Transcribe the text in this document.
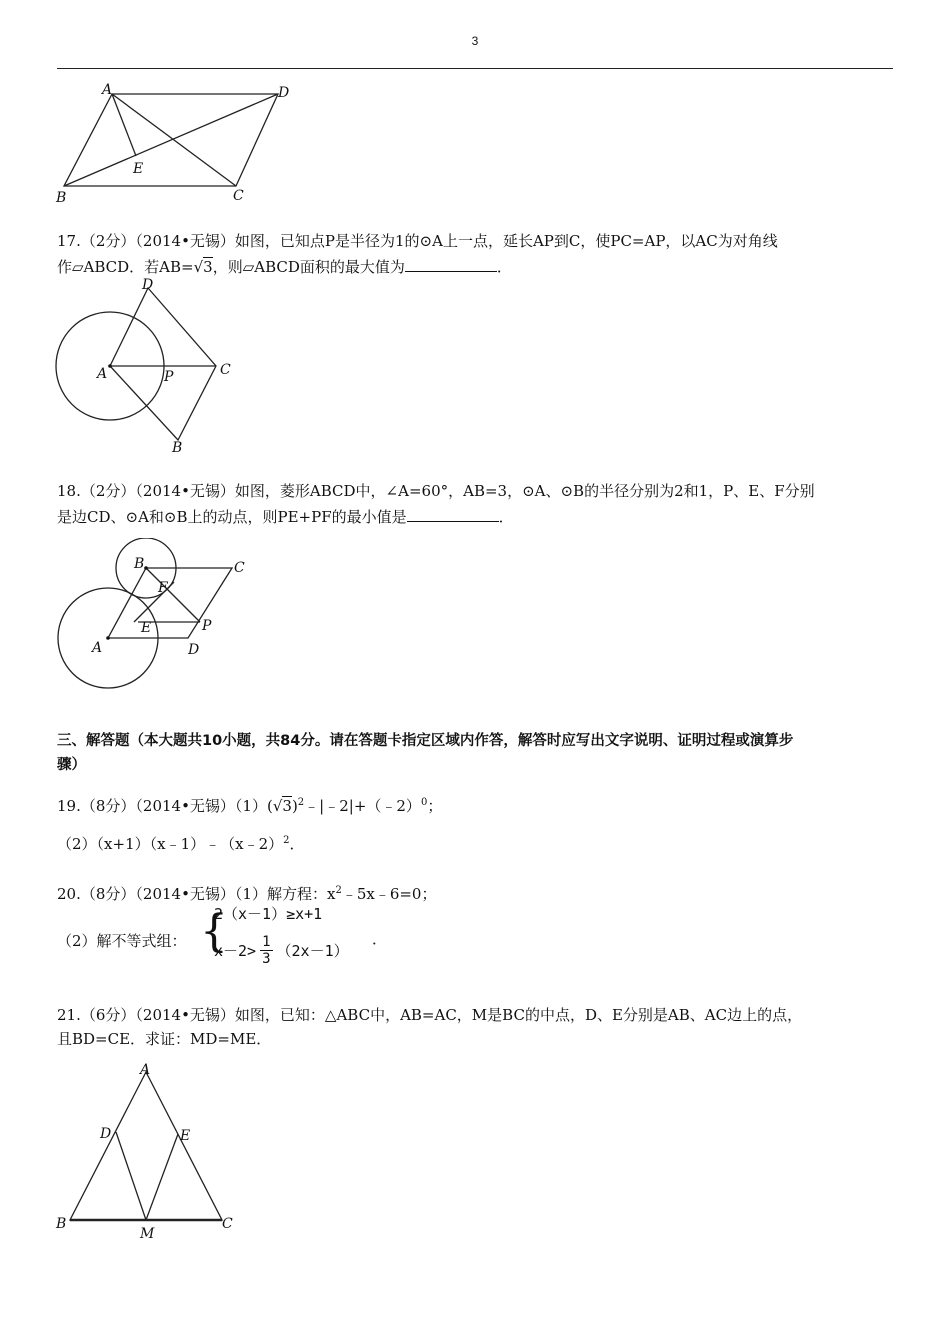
3
A	D
E
B	C
17.（2分）（2014•无锡）如图，已知点P是半径为1的⊙A上一点，延长AP到C，使PC=AP，以AC为对角线
作▱ABCD．若AB=√3，则▱ABCD面积的最大值为	．
D
A	P	C
B
18.（2分）（2014•无锡）如图，菱形ABCD中，∠A=60°，AB=3，⊙A、⊙B的半径分别为2和1，P、E、F分别
是边CD、⊙A和⊙B上的动点，则PE+PF的最小值是	．
B	C
F
E	P
A	D
三、解答题（本大题共10小题，共84分。请在答题卡指定区域内作答，解答时应写出文字说明、证明过程或演算步
骤）
19.（8分）（2014•无锡）$(1)(√3)^2﹣|﹣2|+(﹣2)^0$；
（2）（x+1）（x﹣1）﹣（x﹣2）$^2$．
20.（8分）（2014•无锡）（1）解方程：$x^2﹣5x﹣6=0$；
（2）解不等式组： {
2（x－1）≥x+1
$x-2> \frac{1}{3} (2x-1)$
．
21.（6分）（2014•无锡）如图，已知：△ABC中，AB=AC，M是BC的中点，D、E分别是AB、AC边上的点，
且BD=CE．求证：MD=ME．
A
D	E
B
M
C
